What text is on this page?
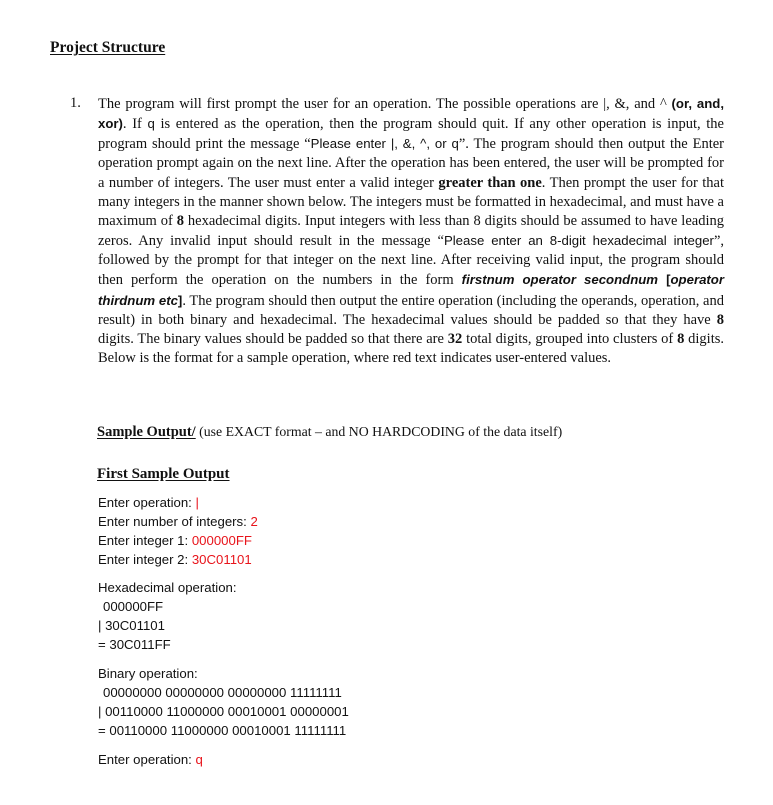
Project Structure
1. The program will first prompt the user for an operation. The possible operations are |, &, and ^ (or, and, xor). If q is entered as the operation, then the program should quit. If any other operation is input, the program should print the message “Please enter |, &, ^, or q”. The program should then output the Enter operation prompt again on the next line. After the operation has been entered, the user will be prompted for a number of integers. The user must enter a valid integer greater than one. Then prompt the user for that many integers in the manner shown below. The integers must be formatted in hexadecimal, and must have a maximum of 8 hexadecimal digits. Input integers with less than 8 digits should be assumed to have leading zeros. Any invalid input should result in the message “Please enter an 8-digit hexadecimal integer”, followed by the prompt for that integer on the next line. After receiving valid input, the program should then perform the operation on the numbers in the form firstnum operator secondnum [operator thirdnum etc]. The program should then output the entire operation (including the operands, operation, and result) in both binary and hexadecimal. The hexadecimal values should be padded so that they have 8 digits. The binary values should be padded so that there are 32 total digits, grouped into clusters of 8 digits. Below is the format for a sample operation, where red text indicates user-entered values.

Sample Output/ (use EXACT format – and NO HARDCODING of the data itself)

First Sample Output

Enter operation: |

Enter number of integers: 2

Enter integer 1: 000000FF

Enter integer 2: 30C01101

Hexadecimal operation:

000000FF

| 30C01101

= 30C011FF

Binary operation:

00000000 00000000 00000000 11111111

| 00110000 11000000 00010001 00000001

= 00110000 11000000 00010001 11111111

Enter operation: q
